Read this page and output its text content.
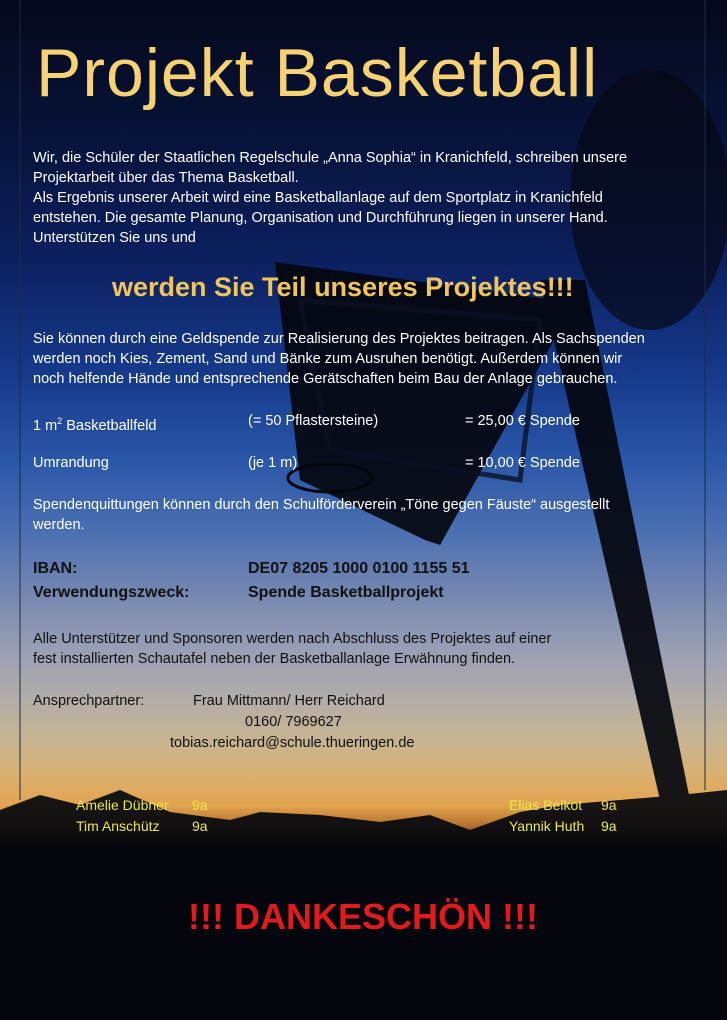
Projekt Basketball
Wir, die Schüler der Staatlichen Regelschule „Anna Sophia“ in Kranichfeld, schreiben unsere
Projektarbeit über das Thema Basketball.
Als Ergebnis unserer Arbeit wird eine Basketballanlage auf dem Sportplatz in Kranichfeld
entstehen. Die gesamte Planung, Organisation und Durchführung liegen in unserer Hand.
Unterstützen Sie uns und
werden Sie Teil unseres Projektes!!!
Sie können durch eine Geldspende zur Realisierung des Projektes beitragen. Als Sachspenden
werden noch Kies, Zement, Sand und Bänke zum Ausruhen benötigt. Außerdem können wir
noch helfende Hände und entsprechende Gerätschaften beim Bau der Anlage gebrauchen.
1 $m^2$ Basketballfeld	(= 50 Pflastersteine)	= 25,00 € Spende
Umrandung	(je 1 m)	= 10,00 € Spende
Spendenquittungen können durch den Schulförderverein „Töne gegen Fäuste“ ausgestellt
werden.
IBAN:	DE07 8205 1000 0100 1155 51
Verwendungszweck:	Spende Basketballprojekt
Alle Unterstützer und Sponsoren werden nach Abschluss des Projektes auf einer
fest installierten Schautafel neben der Basketballanlage Erwähnung finden.
Ansprechpartner:	Frau Mittmann/ Herr Reichard
0160/ 7969627
tobias.reichard@schule.thueringen.de
Amelie Dübner 9a
Tim Anschütz 9a
Elias Belkot 9a
Yannik Huth 9a
!!! DANKESCHÖN !!!
